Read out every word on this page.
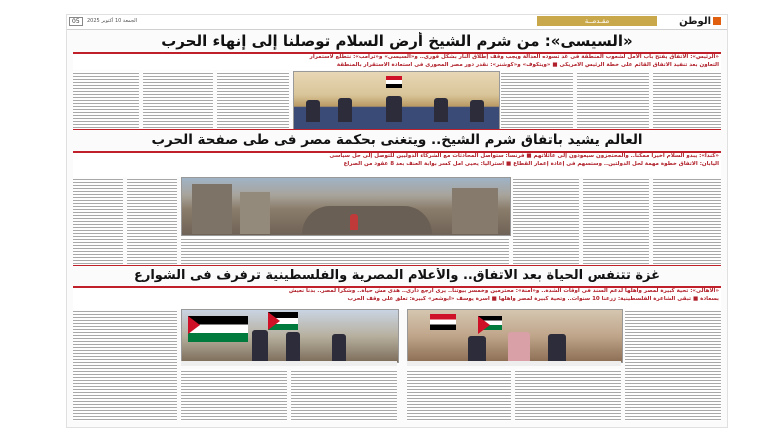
الوطن
مقـدمــة
الجمعة 10 أكتوبر 2025
05
«السيسى»: من شرم الشيخ أرض السلام توصلنا إلى إنهاء الحرب
«الرئيس»: الاتفاق يفتح باب الأمل لشعوب المنطقة فى غد تسوده العدالة ويجب وقف إطلاق النار بشكل فورى.. و«السيسى» و«ترامب»: نتطلع لاستمرار
التعاون بعد تنفيذ الاتفاق القائم على خطة الرئيس الأمريكى ■ «ويتكوف» و«كوشنر»: نقدر دور مصر المحورى فى استعادة الاستقرار بالمنطقة
العالم يشيد باتفاق شرم الشيخ.. ويتغنى بحكمة مصر فى طى صفحة الحرب
«كندا»: يبدو السلام أخيراً ممكناً.. والمحتجزون سيعودون إلى عائلاتهم ■ فرنسا: ستواصل المحادثات مع الشركاء الدوليين للتوصل إلى حل سياسى
اليابان: الاتفاق خطوة مهمة لحل الدولتين.. وستسهم فى إعادة إعمار القطاع ■ أستراليا: يحيى أمل كسر بوابة العنف بعد 8 عقود من الصراع
غزة تتنفس الحياة بعد الاتفاق.. والأعلام المصرية والفلسطينية ترفرف فى الشوارع
«الأهالى»: تحية كبيرة لمصر وأهلها لدعم السند فى أوقات الشدة.. و«أمنة»: محترمين وخمسر بيوتنا.. يرى أرجع دارى.. هذى مش حياة.. وشكرا لمصر.. بدنا نعيش
بسعادة ■ تبقى الشاعرة الفلسطينية: زرعنا 10 سنوات.. وتحية كبيرة لمصر وأهلها ■ أسرة يوسف «أبوشعر» كبيرة: تعلق على وقف الحرب
